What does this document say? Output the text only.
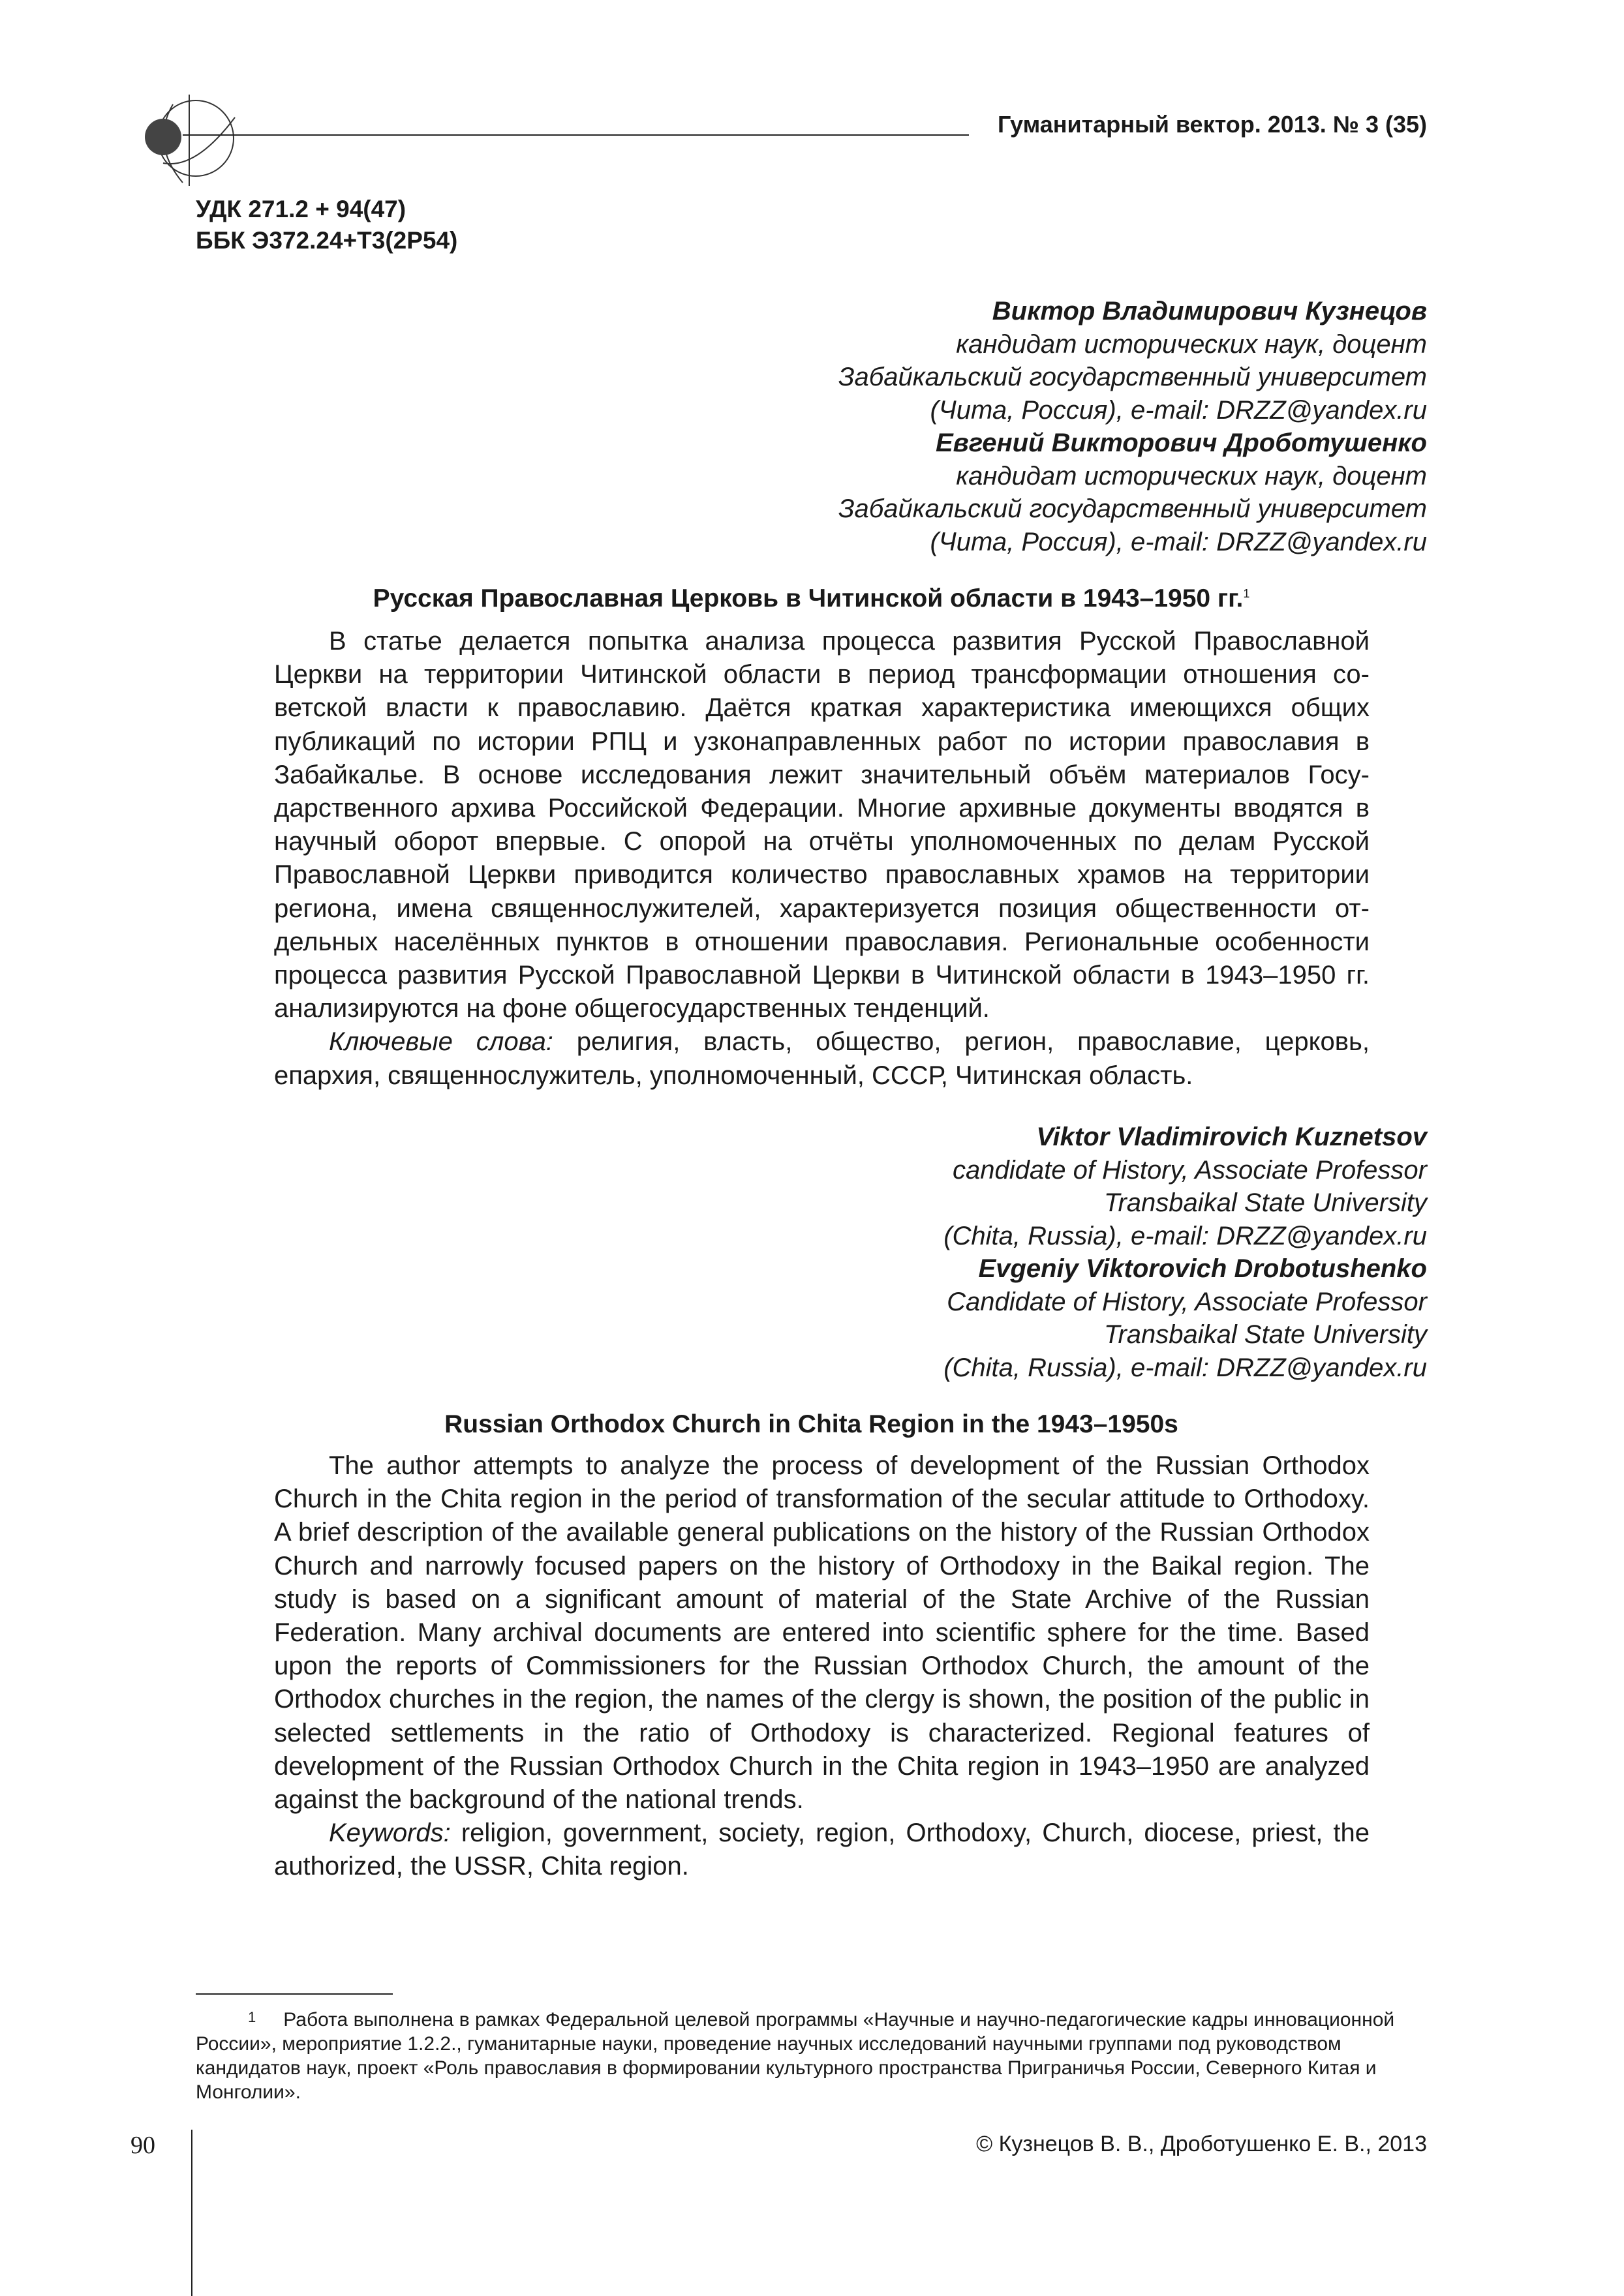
Гуманитарный вектор. 2013. № 3 (35)
УДК 271.2 + 94(47)
ББК Э372.24+Т3(2Р54)
Виктор Владимирович Кузнецов
кандидат исторических наук, доцент
Забайкальский государственный университет
(Чита, Россия), e-mail: DRZZ@yandex.ru
Евгений Викторович Дроботушенко
кандидат исторических наук, доцент
Забайкальский государственный университет
(Чита, Россия), e-mail: DRZZ@yandex.ru
Русская Православная Церковь в Читинской области в 1943–1950 гг.$^1$

В статье делается попытка анализа процесса развития Русской Православной Церкви на территории Читинской области в период трансформации отношения советской власти к православию. Даётся краткая характеристика имеющихся общих публикаций по истории РПЦ и узконаправленных работ по истории православия в Забайкалье. В основе исследования лежит значительный объём материалов Государственного архива Российской Федерации. Многие архивные документы вводятся в научный оборот впервые. С опорой на отчёты уполномоченных по делам Русской Православной Церкви приводится количество православных храмов на территории региона, имена священнослужителей, характеризуется позиция общественности отдельных населённых пунктов в отношении православия. Региональные особенности процесса развития Русской Православной Церкви в Читинской области в 1943–1950 гг. анализируются на фоне общегосударственных тенденций.

Ключевые слова: религия, власть, общество, регион, православие, церковь, епархия, священнослужитель, уполномоченный, СССР, Читинская область.

Viktor Vladimirovich Kuznetsov
candidate of History, Associate Professor
Transbaikal State University
(Chita, Russia), e-mail: DRZZ@yandex.ru
Evgeniy Viktorovich Drobotushenko
Candidate of History, Associate Professor
Transbaikal State University
(Chita, Russia), e-mail: DRZZ@yandex.ru
Russian Orthodox Church in Chita Region in the 1943–1950s

The author attempts to analyze the process of development of the Russian Orthodox Church in the Chita region in the period of transformation of the secular attitude to Orthodoxy. A brief description of the available general publications on the history of the Russian Orthodox Church and narrowly focused papers on the history of Orthodoxy in the Baikal region. The study is based on a significant amount of material of the State Archive of the Russian Federation. Many archival documents are entered into scientific sphere for the time. Based upon the reports of Commissioners for the Russian Orthodox Church, the amount of the Orthodox churches in the region, the names of the clergy is shown, the position of the public in selected settlements in the ratio of Orthodoxy is characterized. Regional features of development of the Russian Orthodox Church in the Chita region in 1943–1950 are analyzed against the background of the national trends.

Keywords: religion, government, society, region, Orthodoxy, Church, diocese, priest, the authorized, the USSR, Chita region.

1 Работа выполнена в рамках Федеральной целевой программы «Научные и научно-педагогические кадры инновационной России», мероприятие 1.2.2., гуманитарные науки, проведение научных исследований научными группами под руководством кандидатов наук, проект «Роль православия в формировании культурного пространства Приграничья России, Северного Китая и Монголии».
90	© Кузнецов В. В., Дроботушенко Е. В., 2013
